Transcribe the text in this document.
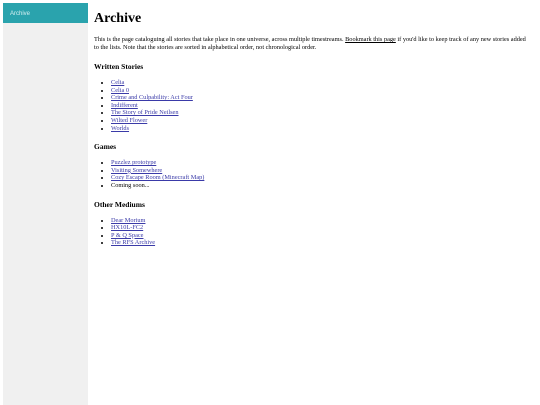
Archive	Archive

This is the page cataloguing all stories that take place in one universe, across multiple timestreams. Bookmark this page if you'd like to keep track of any new stories added to the lists. Note that the stories are sorted in alphabetical order, not chronological order.

Written Stories
• Celia
• Celia 0
• Crime and Culpability: Act Four
• Indifferent
• The Story of Pride Neilsen
• Wilted Flower
• Worlds
Games
• Puzzlez prototype
• Visiting Somewhere
• Cozy Escape Room (Minecraft Map)
• Coming soon...
Other Mediums
• Dear Morium
• HX10L-FC2
• P & Q Space
• The RFS Archive
